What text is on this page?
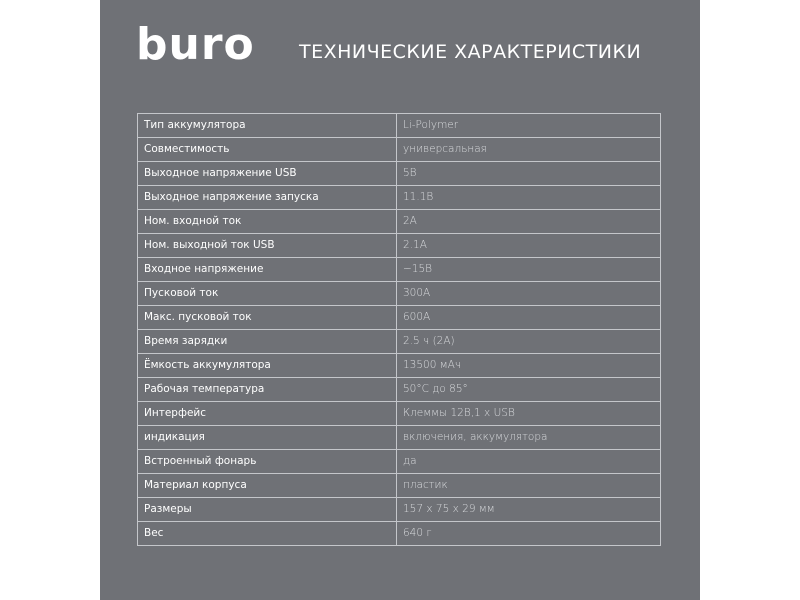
buro ТЕХНИЧЕСКИЕ ХАРАКТЕРИСТИКИ
Тип аккумулятора	Li-Polymer
Совместимость	универсальная
Выходное напряжение USB	5В
Выходное напряжение запуска	11.1В
Ном. входной ток	2А
Ном. выходной ток USB	2.1А
Входное напряжение	~15В
Пусковой ток	300А
Макс. пусковой ток	600А
Время зарядки	2.5 ч (2А)
Ёмкость аккумулятора	13500 мАч
Рабочая температура	50°С до 85°
Интерфейс	Клеммы 12В,1 x USB
индикация	включения, аккумулятора
Встроенный фонарь	да
Материал корпуса	пластик
Размеры	157 x 75 x 29 мм
Вес	640 г
